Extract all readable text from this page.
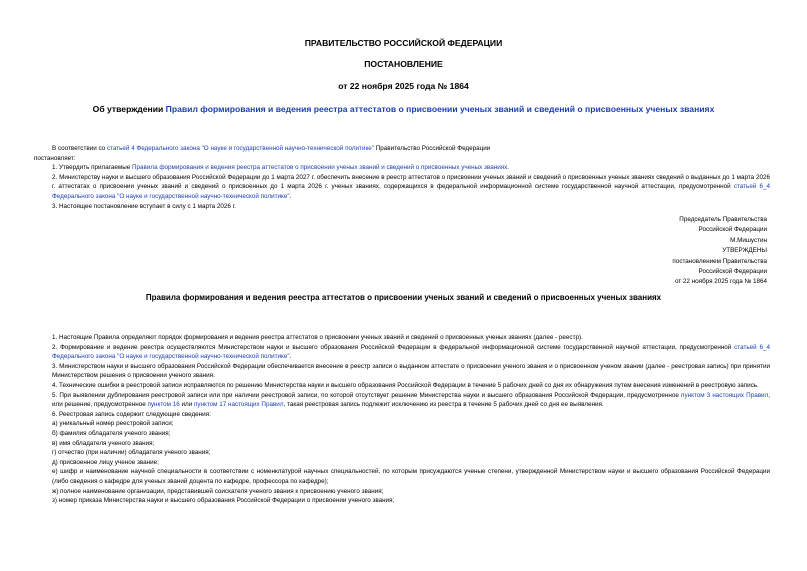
ПРАВИТЕЛЬСТВО РОССИЙСКОЙ ФЕДЕРАЦИИ
ПОСТАНОВЛЕНИЕ
от 22 ноября 2025 года № 1864
Об утверждении Правил формирования и ведения реестра аттестатов о присвоении ученых званий и сведений о присвоенных ученых званиях
В соответствии со статьей 4 Федерального закона "О науке и государственной научно-технической политике" Правительство Российской Федерации
постановляет:
1. Утвердить прилагаемые Правила формирования и ведения реестра аттестатов о присвоении ученых званий и сведений о присвоенных ученых званиях.
2. Министерству науки и высшего образования Российской Федерации до 1 марта 2027 г. обеспечить внесение в реестр аттестатов о присвоении ученых званий и сведений о присвоенных ученых званиях сведений о выданных до 1 марта 2026 г. аттестатах о присвоении ученых званий и сведений о присвоенных до 1 марта 2026 г. ученых званиях, содержащихся в федеральной информационной системе государственной научной аттестации, предусмотренной статьей 6_4 Федерального закона "О науке и государственной научно-технической политике".
3. Настоящее постановление вступает в силу с 1 марта 2026 г.
Председатель Правительства
Российской Федерации
М.Мишустин
УТВЕРЖДЕНЫ
постановлением Правительства
Российской Федерации
от 22 ноября 2025 года № 1864
Правила формирования и ведения реестра аттестатов о присвоении ученых званий и сведений о присвоенных ученых званиях
1. Настоящие Правила определяют порядок формирования и ведения реестра аттестатов о присвоении ученых званий и сведений о присвоенных ученых званиях (далее - реестр).
2. Формирование и ведение реестра осуществляются Министерством науки и высшего образования Российской Федерации в федеральной информационной системе государственной научной аттестации, предусмотренной статьей 6_4 Федерального закона "О науке и государственной научно-технической политике".
3. Министерством науки и высшего образования Российской Федерации обеспечивается внесение в реестр записи о выданном аттестате о присвоении ученого звания и о присвоенном ученом звании (далее - реестровая запись) при принятии Министерством решения о присвоении ученого звания.
4. Технические ошибки в реестровой записи исправляются по решению Министерства науки и высшего образования Российской Федерации в течение 5 рабочих дней со дня их обнаружения путем внесения изменений в реестровую запись.
5. При выявлении дублирования реестровой записи или при наличии реестровой записи, по которой отсутствует решение Министерства науки и высшего образования Российской Федерации, предусмотренное пунктом 3 настоящих Правил, или решение, предусмотренное пунктом 16 или пунктом 17 настоящих Правил, такая реестровая запись подлежит исключению из реестра в течение 5 рабочих дней со дня ее выявления.
6. Реестровая запись содержит следующие сведения:
а) уникальный номер реестровой записи;
б) фамилия обладателя ученого звания;
в) имя обладателя ученого звания;
г) отчество (при наличии) обладателя ученого звания;
д) присвоенное лицу ученое звание;
е) шифр и наименование научной специальности в соответствии с номенклатурой научных специальностей, по которым присуждаются ученые степени, утвержденной Министерством науки и высшего образования Российской Федерации (либо сведения о кафедре для ученых званий доцента по кафедре, профессора по кафедре);
ж) полное наименование организации, представившей соискателя ученого звания к присвоению ученого звания;
з) номер приказа Министерства науки и высшего образования Российской Федерации о присвоении ученого звания;
